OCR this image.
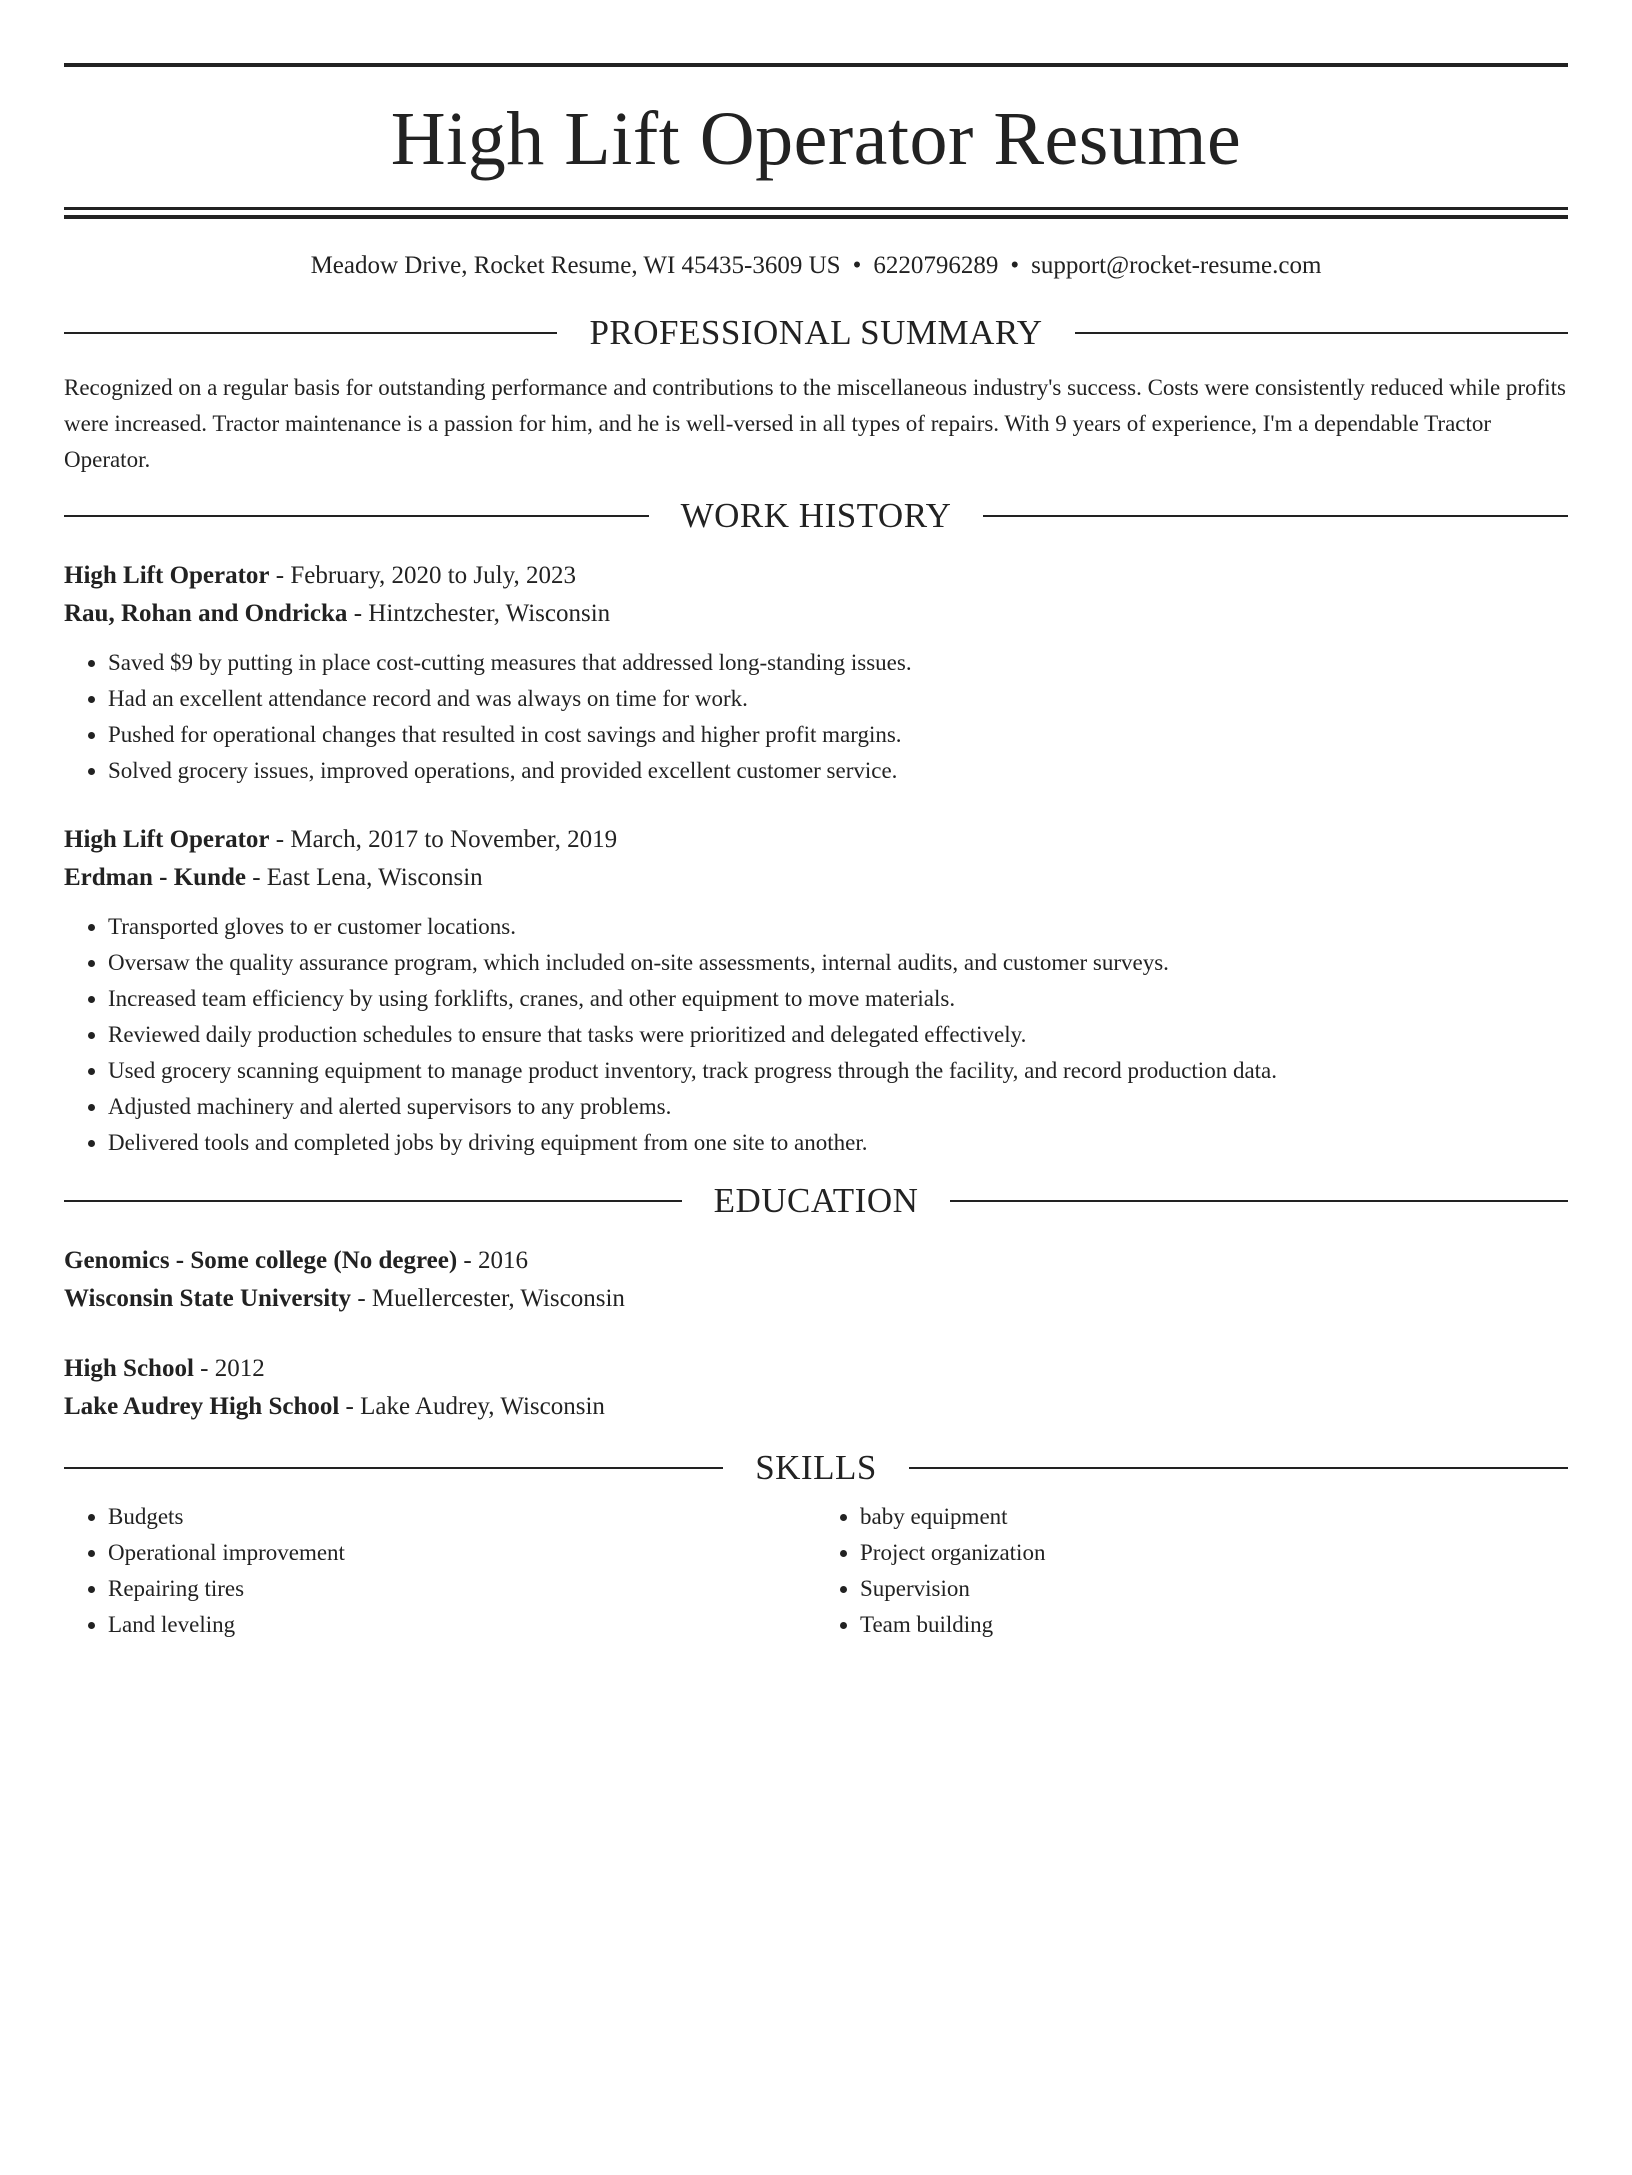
High Lift Operator Resume
Meadow Drive, Rocket Resume, WI 45435-3609 US • 6220796289 • support@rocket-resume.com
PROFESSIONAL SUMMARY
Recognized on a regular basis for outstanding performance and contributions to the miscellaneous industry's success. Costs were consistently reduced while profits were increased. Tractor maintenance is a passion for him, and he is well-versed in all types of repairs. With 9 years of experience, I'm a dependable Tractor Operator.
WORK HISTORY
High Lift Operator - February, 2020 to July, 2023
Rau, Rohan and Ondricka - Hintzchester, Wisconsin
• Saved $9 by putting in place cost-cutting measures that addressed long-standing issues.
• Had an excellent attendance record and was always on time for work.
• Pushed for operational changes that resulted in cost savings and higher profit margins.
• Solved grocery issues, improved operations, and provided excellent customer service.
High Lift Operator - March, 2017 to November, 2019
Erdman - Kunde - East Lena, Wisconsin
• Transported gloves to er customer locations.
• Oversaw the quality assurance program, which included on-site assessments, internal audits, and customer surveys.
• Increased team efficiency by using forklifts, cranes, and other equipment to move materials.
• Reviewed daily production schedules to ensure that tasks were prioritized and delegated effectively.
• Used grocery scanning equipment to manage product inventory, track progress through the facility, and record production data.
• Adjusted machinery and alerted supervisors to any problems.
• Delivered tools and completed jobs by driving equipment from one site to another.
EDUCATION
Genomics - Some college (No degree) - 2016
Wisconsin State University - Muellercester, Wisconsin
High School - 2012
Lake Audrey High School - Lake Audrey, Wisconsin
SKILLS
• Budgets
• Operational improvement
• Repairing tires
• Land leveling
• baby equipment
• Project organization
• Supervision
• Team building
